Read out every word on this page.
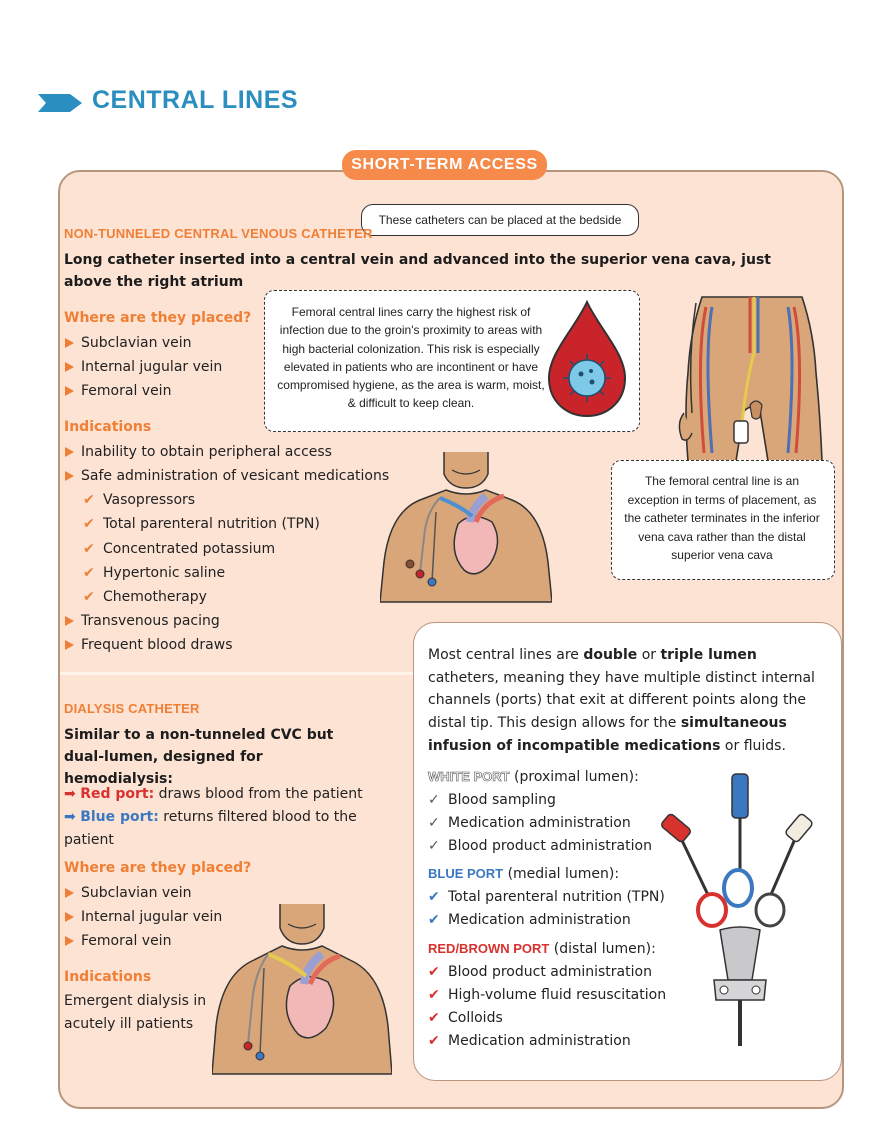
CENTRAL LINES
SHORT-TERM ACCESS
These catheters can be placed at the bedside
NON-TUNNELED CENTRAL VENOUS CATHETER
Long catheter inserted into a central vein and advanced into the superior vena cava, just above the right atrium
Where are they placed?
Subclavian vein
Internal jugular vein
Femoral vein
Indications
Inability to obtain peripheral access
Safe administration of vesicant medications
✔ Vasopressors
✔ Total parenteral nutrition (TPN)
✔ Concentrated potassium
✔ Hypertonic saline
✔ Chemotherapy
Transvenous pacing
Frequent blood draws
Femoral central lines carry the highest risk of infection due to the groin's proximity to areas with high bacterial colonization. This risk is especially elevated in patients who are incontinent or have compromised hygiene, as the area is warm, moist, & difficult to keep clean.
The femoral central line is an exception in terms of placement, as the catheter terminates in the inferior vena cava rather than the distal superior vena cava
DIALYSIS CATHETER
Similar to a non-tunneled CVC but dual-lumen, designed for hemodialysis:
➡ Red port: draws blood from the patient
➡ Blue port: returns filtered blood to the patient
Where are they placed?
Subclavian vein
Internal jugular vein
Femoral vein
Indications
Emergent dialysis in acutely ill patients
Most central lines are double or triple lumen catheters, meaning they have multiple distinct internal channels (ports) that exit at different points along the distal tip. This design allows for the simultaneous infusion of incompatible medications or fluids.
WHITE PORT (proximal lumen):
✓ Blood sampling
✓ Medication administration
✓ Blood product administration
BLUE PORT (medial lumen):
✔ Total parenteral nutrition (TPN)
✔ Medication administration
RED/BROWN PORT (distal lumen):
✔ Blood product administration
✔ High-volume fluid resuscitation
✔ Colloids
✔ Medication administration
